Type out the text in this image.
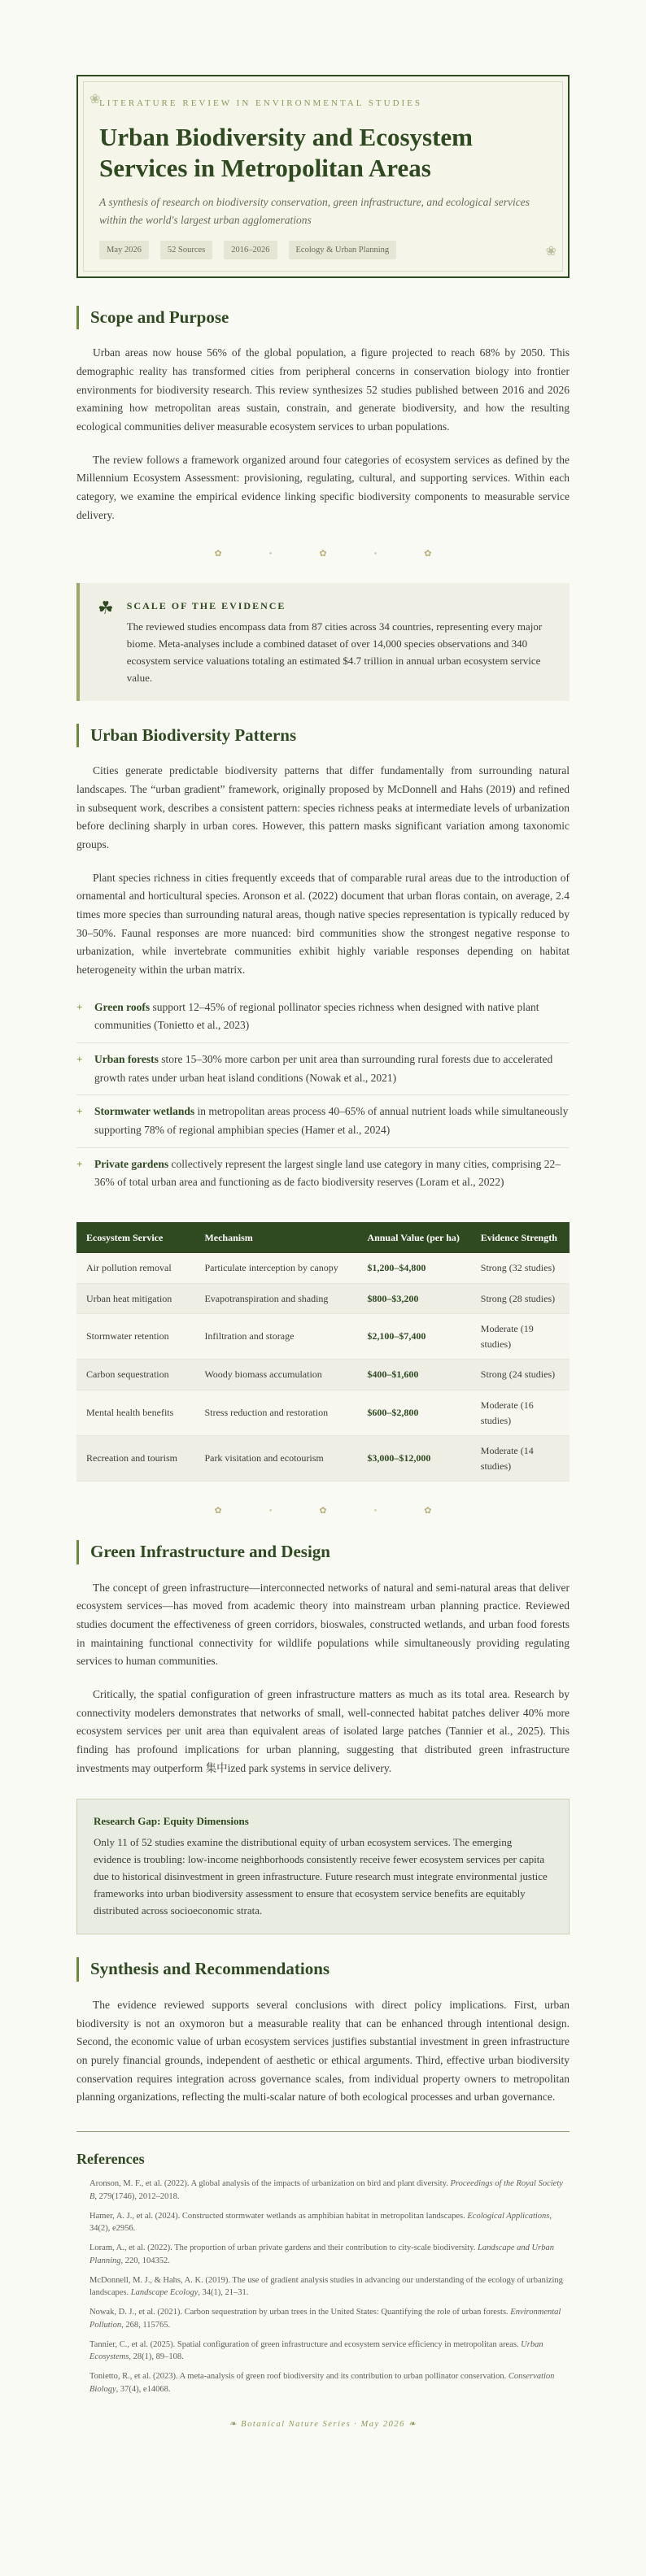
❀
❀
LITERATURE REVIEW IN ENVIRONMENTAL STUDIES
Urban Biodiversity and Ecosystem Services in Metropolitan Areas
A synthesis of research on biodiversity conservation, green infrastructure, and ecological services within the world's largest urban agglomerations
May 2026	52 Sources	2016–2026	Ecology & Urban Planning
Scope and Purpose

Urban areas now house 56% of the global population, a figure projected to reach 68% by 2050. This demographic reality has transformed cities from peripheral concerns in conservation biology into frontier environments for biodiversity research. This review synthesizes 52 studies published between 2016 and 2026 examining how metropolitan areas sustain, constrain, and generate biodiversity, and how the resulting ecological communities deliver measurable ecosystem services to urban populations.

The review follows a framework organized around four categories of ecosystem services as defined by the Millennium Ecosystem Assessment: provisioning, regulating, cultural, and supporting services. Within each category, we examine the empirical evidence linking specific biodiversity components to measurable service delivery.

✿	●	✿	●	✿
☘ SCALE OF THE EVIDENCE
The reviewed studies encompass data from 87 cities across 34 countries, representing every major biome. Meta-analyses include a combined dataset of over 14,000 species observations and 340 ecosystem service valuations totaling an estimated $4.7 trillion in annual urban ecosystem service value.
Urban Biodiversity Patterns

Cities generate predictable biodiversity patterns that differ fundamentally from surrounding natural landscapes. The “urban gradient” framework, originally proposed by McDonnell and Hahs (2019) and refined in subsequent work, describes a consistent pattern: species richness peaks at intermediate levels of urbanization before declining sharply in urban cores. However, this pattern masks significant variation among taxonomic groups.

Plant species richness in cities frequently exceeds that of comparable rural areas due to the introduction of ornamental and horticultural species. Aronson et al. (2022) document that urban floras contain, on average, 2.4 times more species than surrounding natural areas, though native species representation is typically reduced by 30–50%. Faunal responses are more nuanced: bird communities show the strongest negative response to urbanization, while invertebrate communities exhibit highly variable responses depending on habitat heterogeneity within the urban matrix.

+ Green roofs support 12–45% of regional pollinator species richness when designed with native plant communities (Tonietto et al., 2023)
+ Urban forests store 15–30% more carbon per unit area than surrounding rural forests due to accelerated growth rates under urban heat island conditions (Nowak et al., 2021)
+ Stormwater wetlands in metropolitan areas process 40–65% of annual nutrient loads while simultaneously supporting 78% of regional amphibian species (Hamer et al., 2024)
+ Private gardens collectively represent the largest single land use category in many cities, comprising 22–36% of total urban area and functioning as de facto biodiversity reserves (Loram et al., 2022)
Ecosystem Service	Mechanism	Annual Value (per ha)	Evidence Strength
Air pollution removal	Particulate interception by canopy	$1,200–$4,800	Strong (32 studies)
Urban heat mitigation	Evapotranspiration and shading	$800–$3,200	Strong (28 studies)
Stormwater retention	Infiltration and storage	$2,100–$7,400	Moderate (19 studies)
Carbon sequestration	Woody biomass accumulation	$400–$1,600	Strong (24 studies)
Mental health benefits	Stress reduction and restoration	$600–$2,800	Moderate (16 studies)
Recreation and tourism	Park visitation and ecotourism	$3,000–$12,000	Moderate (14 studies)
✿	●	✿	●	✿
Green Infrastructure and Design

The concept of green infrastructure—interconnected networks of natural and semi-natural areas that deliver ecosystem services—has moved from academic theory into mainstream urban planning practice. Reviewed studies document the effectiveness of green corridors, bioswales, constructed wetlands, and urban food forests in maintaining functional connectivity for wildlife populations while simultaneously providing regulating services to human communities.

Critically, the spatial configuration of green infrastructure matters as much as its total area. Research by connectivity modelers demonstrates that networks of small, well-connected habitat patches deliver 40% more ecosystem services per unit area than equivalent areas of isolated large patches (Tannier et al., 2025). This finding has profound implications for urban planning, suggesting that distributed green infrastructure investments may outperform 集中ized park systems in service delivery.

Research Gap: Equity Dimensions
Only 11 of 52 studies examine the distributional equity of urban ecosystem services. The emerging evidence is troubling: low-income neighborhoods consistently receive fewer ecosystem services per capita due to historical disinvestment in green infrastructure. Future research must integrate environmental justice frameworks into urban biodiversity assessment to ensure that ecosystem service benefits are equitably distributed across socioeconomic strata.
Synthesis and Recommendations

The evidence reviewed supports several conclusions with direct policy implications. First, urban biodiversity is not an oxymoron but a measurable reality that can be enhanced through intentional design. Second, the economic value of urban ecosystem services justifies substantial investment in green infrastructure on purely financial grounds, independent of aesthetic or ethical arguments. Third, effective urban biodiversity conservation requires integration across governance scales, from individual property owners to metropolitan planning organizations, reflecting the multi-scalar nature of both ecological processes and urban governance.

References
Aronson, M. F., et al. (2022). A global analysis of the impacts of urbanization on bird and plant diversity. Proceedings of the Royal Society B, 279(1746), 2012–2018.
Hamer, A. J., et al. (2024). Constructed stormwater wetlands as amphibian habitat in metropolitan landscapes. Ecological Applications, 34(2), e2956.
Loram, A., et al. (2022). The proportion of urban private gardens and their contribution to city-scale biodiversity. Landscape and Urban Planning, 220, 104352.
McDonnell, M. J., & Hahs, A. K. (2019). The use of gradient analysis studies in advancing our understanding of the ecology of urbanizing landscapes. Landscape Ecology, 34(1), 21–31.
Nowak, D. J., et al. (2021). Carbon sequestration by urban trees in the United States: Quantifying the role of urban forests. Environmental Pollution, 268, 115765.
Tannier, C., et al. (2025). Spatial configuration of green infrastructure and ecosystem service efficiency in metropolitan areas. Urban Ecosystems, 28(1), 89–108.
Tonietto, R., et al. (2023). A meta-analysis of green roof biodiversity and its contribution to urban pollinator conservation. Conservation Biology, 37(4), e14068.
❧ Botanical Nature Series · May 2026 ❧
